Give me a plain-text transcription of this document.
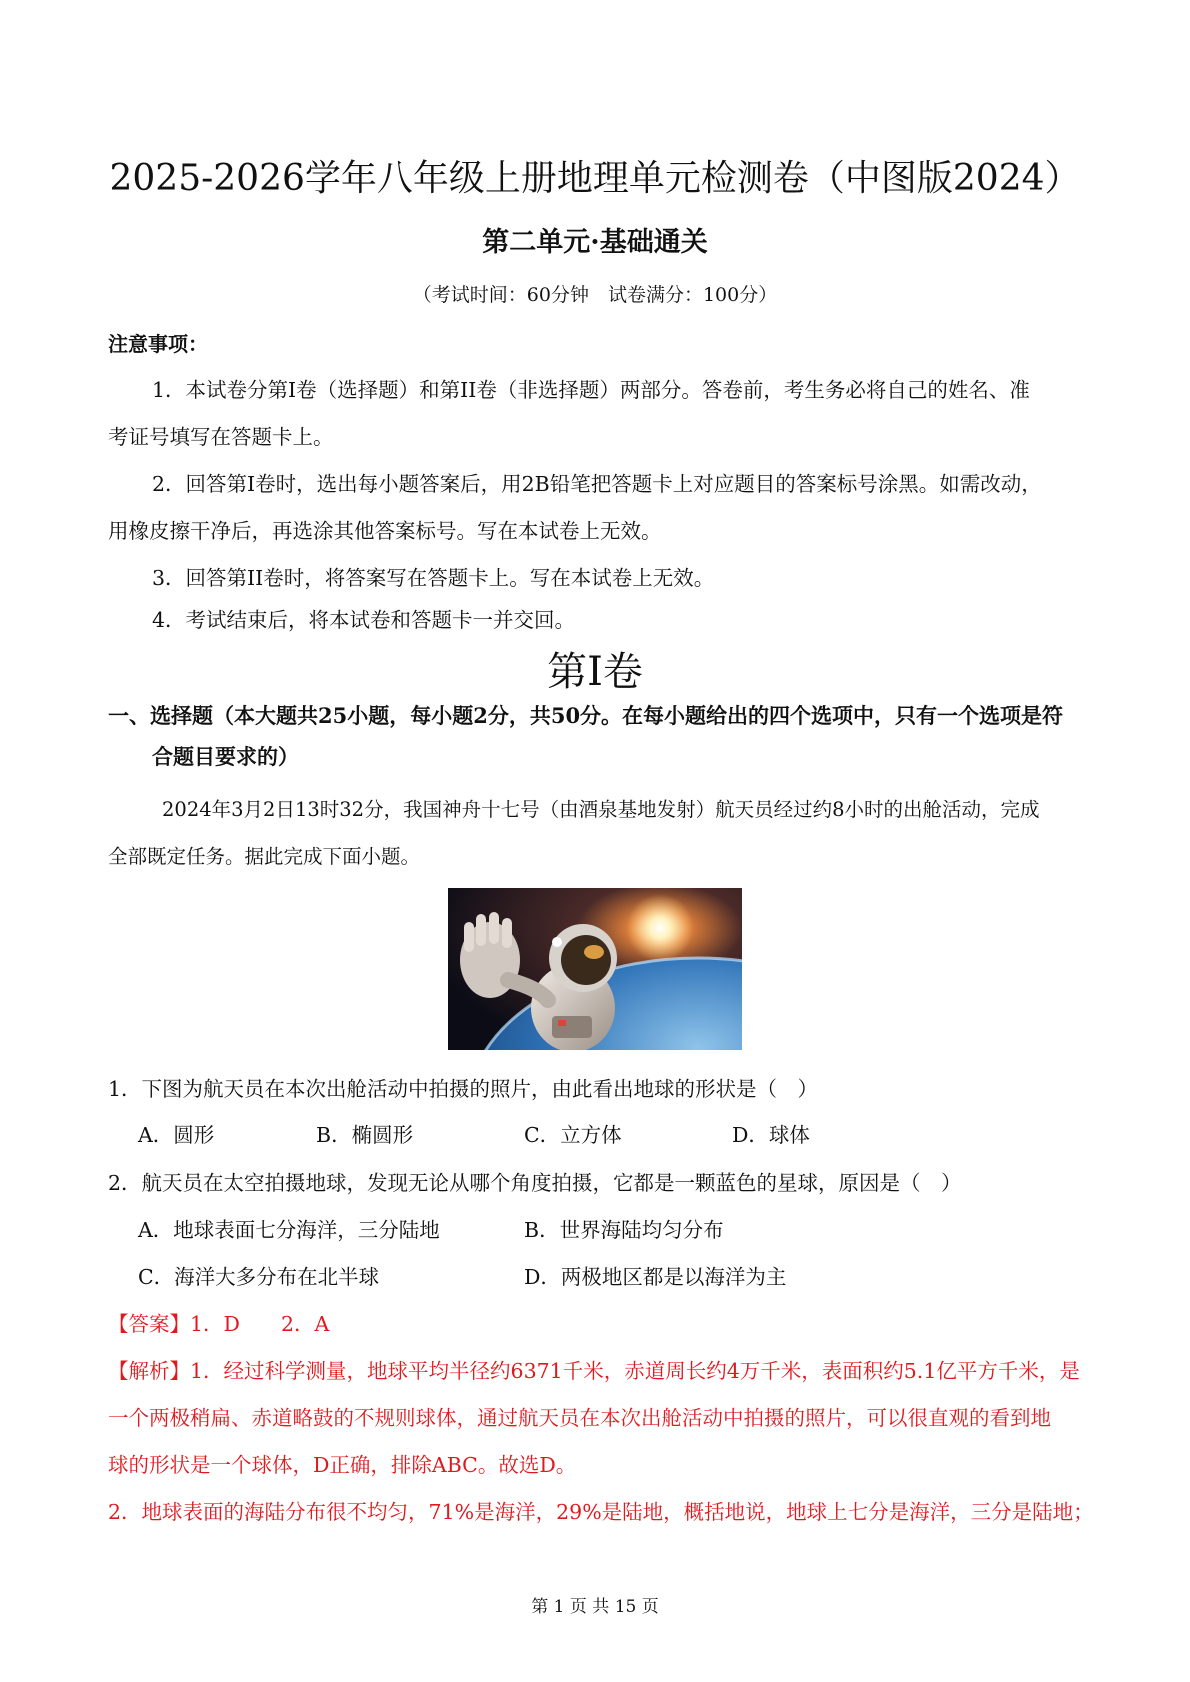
2025-2026学年八年级上册地理单元检测卷（中图版2024）
第二单元·基础通关
（考试时间：60分钟　试卷满分：100分）
注意事项：
1．本试卷分第I卷（选择题）和第II卷（非选择题）两部分。答卷前，考生务必将自己的姓名、准
考证号填写在答题卡上。
2．回答第I卷时，选出每小题答案后，用2B铅笔把答题卡上对应题目的答案标号涂黑。如需改动，
用橡皮擦干净后，再选涂其他答案标号。写在本试卷上无效。
3．回答第II卷时，将答案写在答题卡上。写在本试卷上无效。
4．考试结束后，将本试卷和答题卡一并交回。
第I卷
一、选择题（本大题共25小题，每小题2分，共50分。在每小题给出的四个选项中，只有一个选项是符
合题目要求的）
2024年3月2日13时32分，我国神舟十七号（由酒泉基地发射）航天员经过约8小时的出舱活动，完成
全部既定任务。据此完成下面小题。
1．下图为航天员在本次出舱活动中拍摄的照片，由此看出地球的形状是（　）
A．圆形	B．椭圆形	C．立方体	D．球体
2．航天员在太空拍摄地球，发现无论从哪个角度拍摄，它都是一颗蓝色的星球，原因是（　）
A．地球表面七分海洋，三分陆地	B．世界海陆均匀分布
C．海洋大多分布在北半球	D．两极地区都是以海洋为主
【答案】1．D　　2．A
【解析】1．经过科学测量，地球平均半径约6371千米，赤道周长约4万千米，表面积约5.1亿平方千米，是
一个两极稍扁、赤道略鼓的不规则球体，通过航天员在本次出舱活动中拍摄的照片，可以很直观的看到地
球的形状是一个球体，D正确，排除ABC。故选D。
2．地球表面的海陆分布很不均匀，71%是海洋，29%是陆地，概括地说，地球上七分是海洋，三分是陆地；
第 1 页 共 15 页
